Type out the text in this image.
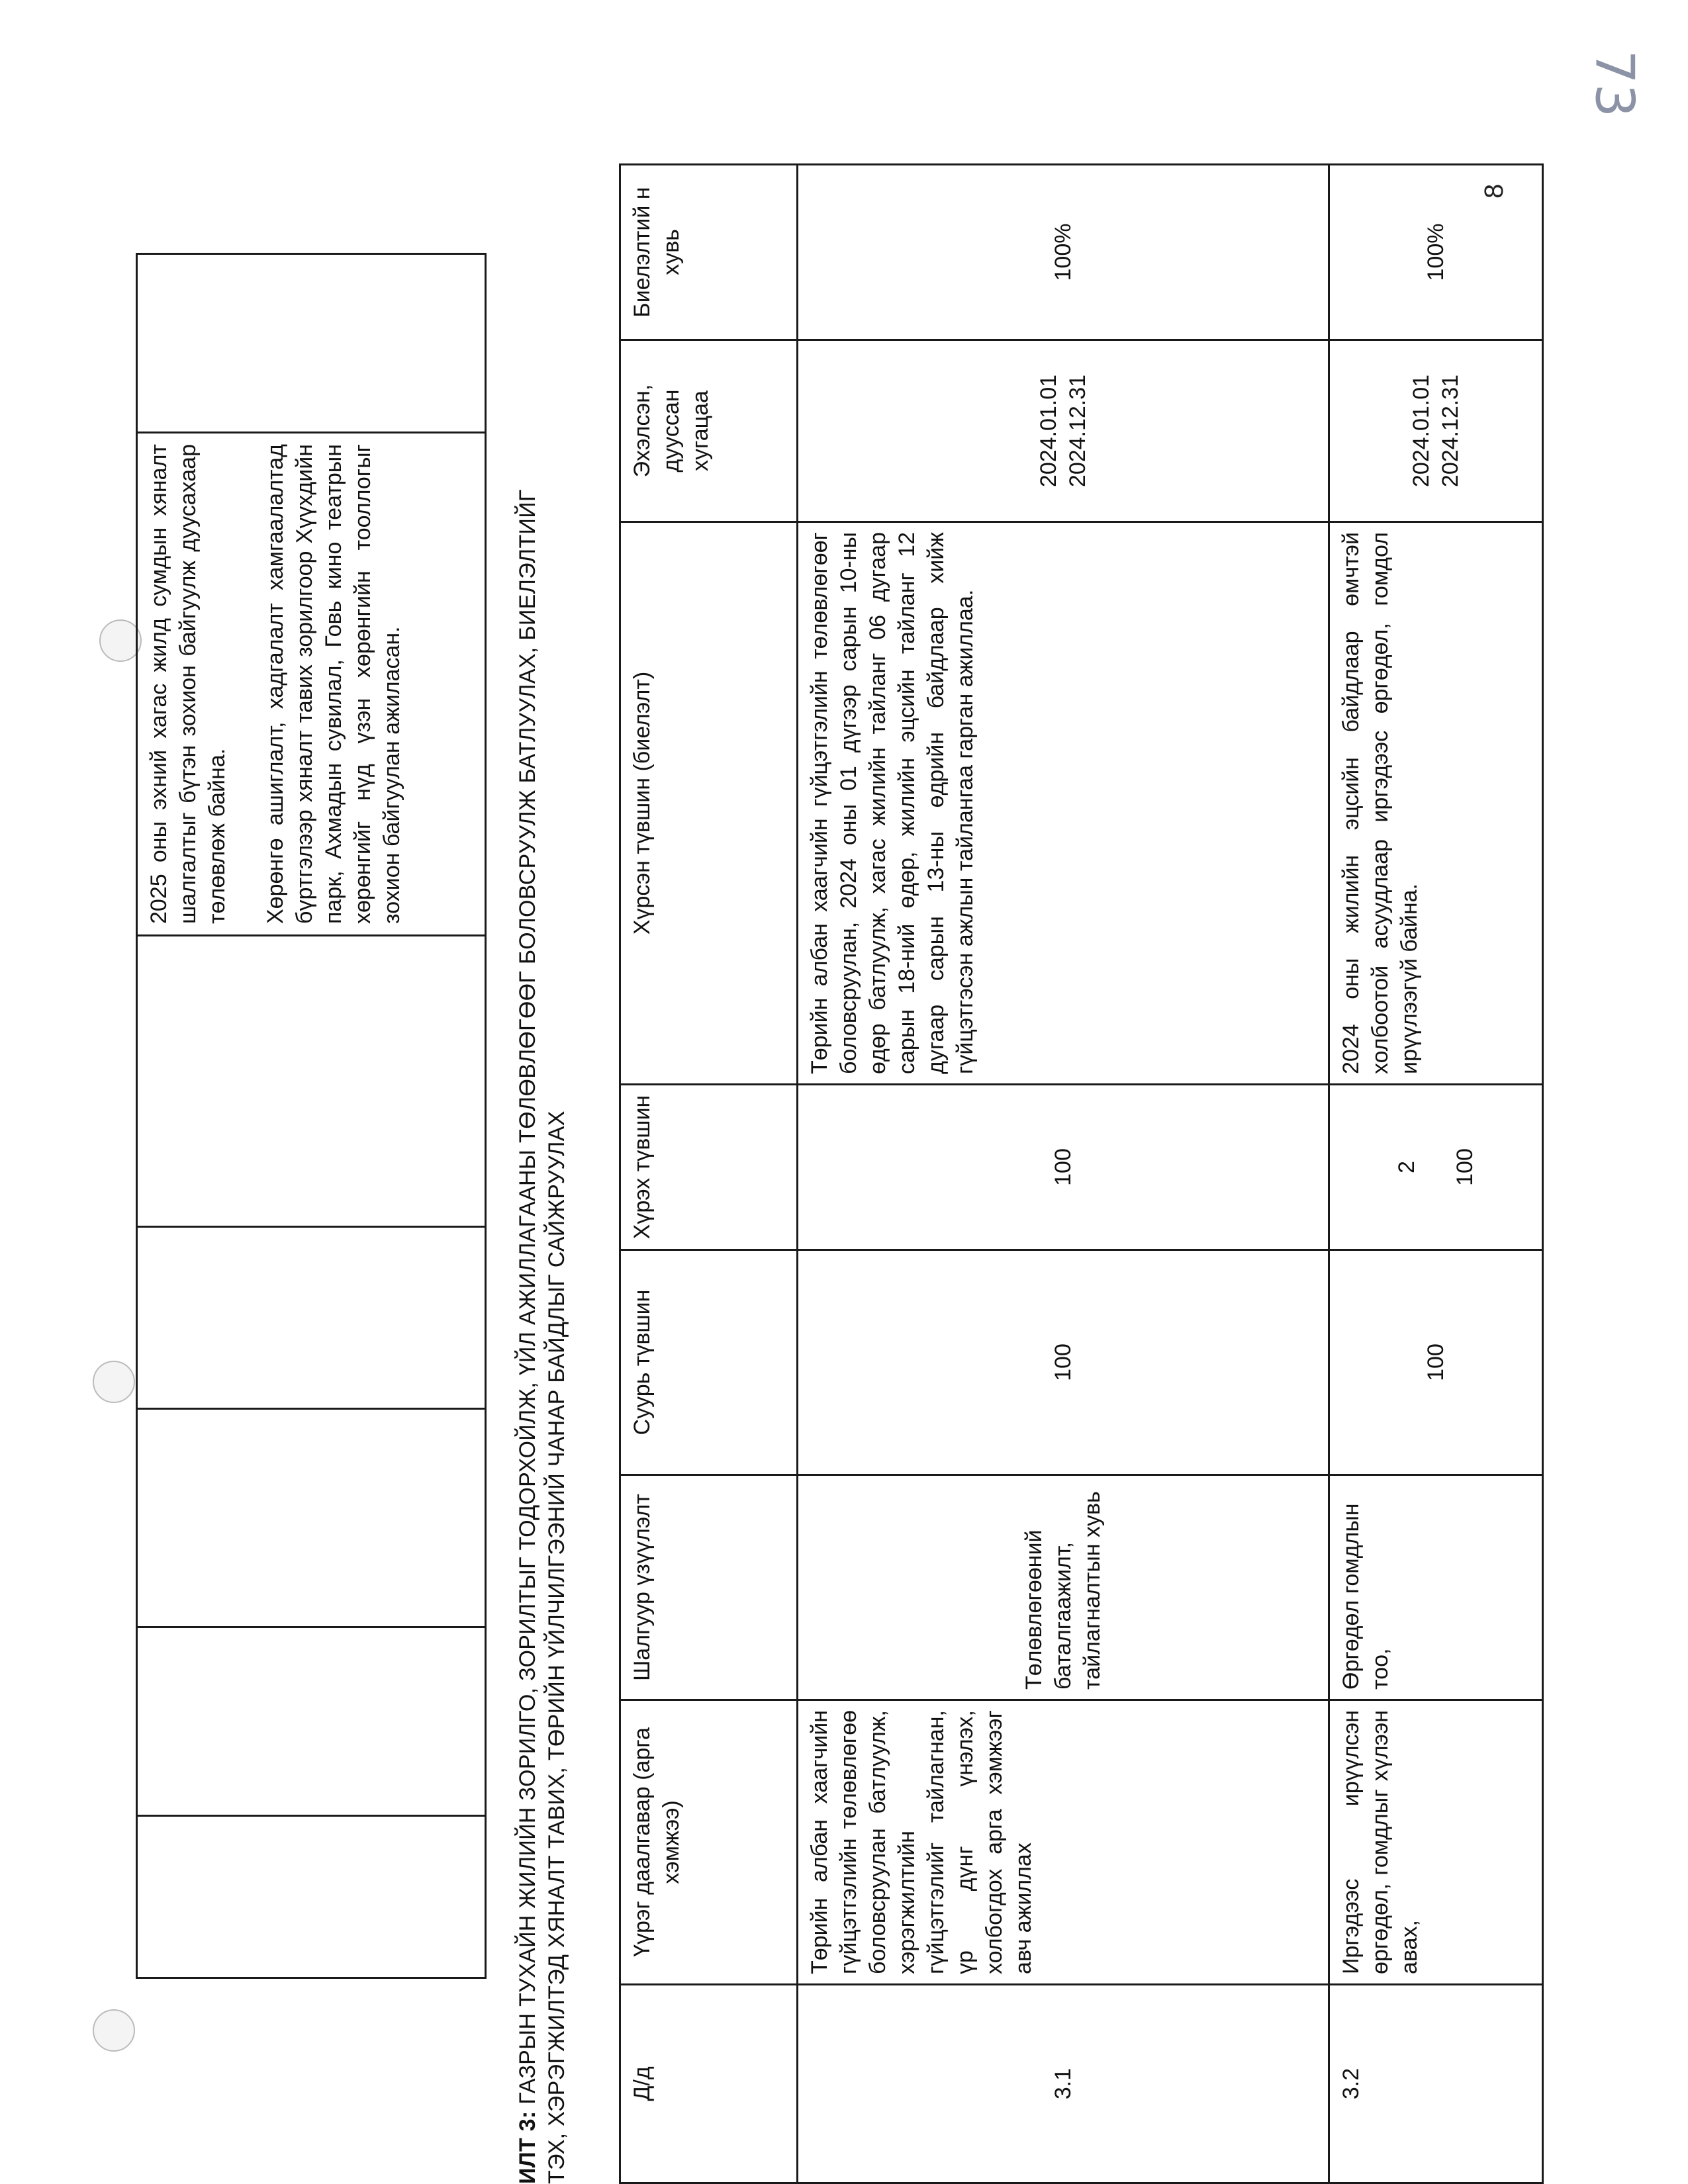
73

2025 оны эхний хагас жилд сумдын хяналт шалгалтыг бүтэн зохион байгуулж дуусахаар төлөвлөж байна. Хөрөнгө ашиглалт, хадгалалт хамгаалалтад бүртгэлээр хяналт тавих зорилгоор Хүүхдийн парк, Ахмадын сувилал, Говь кино театрын хөрөнгийг нүд үзэн хөрөнгийн тооллогыг зохион байгуулан ажиласан.

ИЛТ 3: ГАЗРЫН ТУХАЙН ЖИЛИЙН ЗОРИЛГО, ЗОРИЛТЫГ ТОДОРХОЙЛЖ, ҮЙЛ АЖИЛЛАГААНЫ ТӨЛӨВЛӨГӨӨГ БОЛОВСРУУЛЖ БАТЛУУЛАХ, БИЕЛЭЛТИЙГ ТЭХ, ХЭРЭГЖИЛТЭД ХЯНАЛТ ТАВИХ, ТӨРИЙН ҮЙЛЧИЛГЭЭНИЙ ЧАНАР БАЙДЛЫГ САЙЖРУУЛАХ	Д/д	Үүрэг даалгавар (арга хэмжээ)	Шалгуур үзүүлэлт	Суурь түвшин	Хүрэх түвшин	Хүрсэн түвшин (биелэлт)	Эхэлсэн, дууссан хугацаа	Биелэлтий н хувь
3.1	Төрийн албан хаагчийн гүйцэтгэлийн төлөвлөгөө боловсруулан батлуулж, хэрэгжилтийн гүйцэтгэлийг тайлагнан, үр дүнг үнэлэх, холбогдох арга хэмжээг авч ажиллах	Төлөвлөгөөний баталгаажилт, тайлагналтын хувь	100	100	Төрийн албан хаагчийн гүйцэтгэлийн төлөвлөгөөг боловсруулан, 2024 оны 01 дүгээр сарын 10-ны өдөр батлуулж, хагас жилийн тайланг 06 дугаар сарын 18-ний өдөр, жилийн эцсийн тайланг 12 дугаар сарын 13-ны өдрийн байдлаар хийж гүйцэтгэсэн ажлын тайлангаа гарган ажиллаа.	2024.01.01 2024.12.31	100%
3.2	Иргэдээс ирүүлсэн өргөдөл, гомдлыг хүлээн авах,	Өргөдөл гомдлын тоо,	100	2 100	2024 оны жилийн эцсийн байдлаар өмчтэй холбоотой асуудлаар иргэдээс өргөдөл, гомдол ирүүлээгүй байна.	2024.01.01 2024.12.31	100%
8
